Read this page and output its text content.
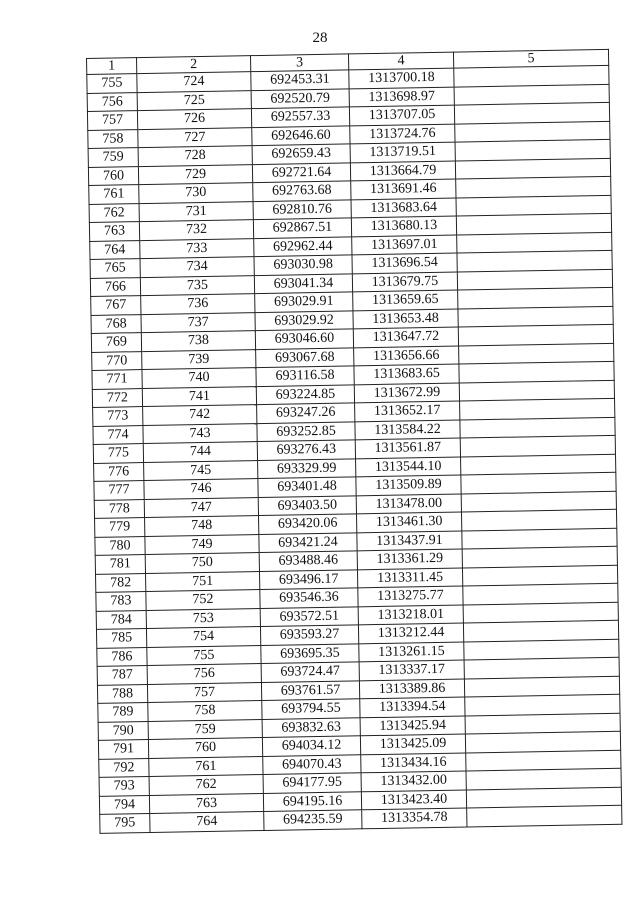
28
1	2	3	4	5
755	724	692453.31	1313700.18	
756	725	692520.79	1313698.97	
757	726	692557.33	1313707.05	
758	727	692646.60	1313724.76	
759	728	692659.43	1313719.51	
760	729	692721.64	1313664.79	
761	730	692763.68	1313691.46	
762	731	692810.76	1313683.64	
763	732	692867.51	1313680.13	
764	733	692962.44	1313697.01	
765	734	693030.98	1313696.54	
766	735	693041.34	1313679.75	
767	736	693029.91	1313659.65	
768	737	693029.92	1313653.48	
769	738	693046.60	1313647.72	
770	739	693067.68	1313656.66	
771	740	693116.58	1313683.65	
772	741	693224.85	1313672.99	
773	742	693247.26	1313652.17	
774	743	693252.85	1313584.22	
775	744	693276.43	1313561.87	
776	745	693329.99	1313544.10	
777	746	693401.48	1313509.89	
778	747	693403.50	1313478.00	
779	748	693420.06	1313461.30	
780	749	693421.24	1313437.91	
781	750	693488.46	1313361.29	
782	751	693496.17	1313311.45	
783	752	693546.36	1313275.77	
784	753	693572.51	1313218.01	
785	754	693593.27	1313212.44	
786	755	693695.35	1313261.15	
787	756	693724.47	1313337.17	
788	757	693761.57	1313389.86	
789	758	693794.55	1313394.54	
790	759	693832.63	1313425.94	
791	760	694034.12	1313425.09	
792	761	694070.43	1313434.16	
793	762	694177.95	1313432.00	
794	763	694195.16	1313423.40	
795	764	694235.59	1313354.78	
